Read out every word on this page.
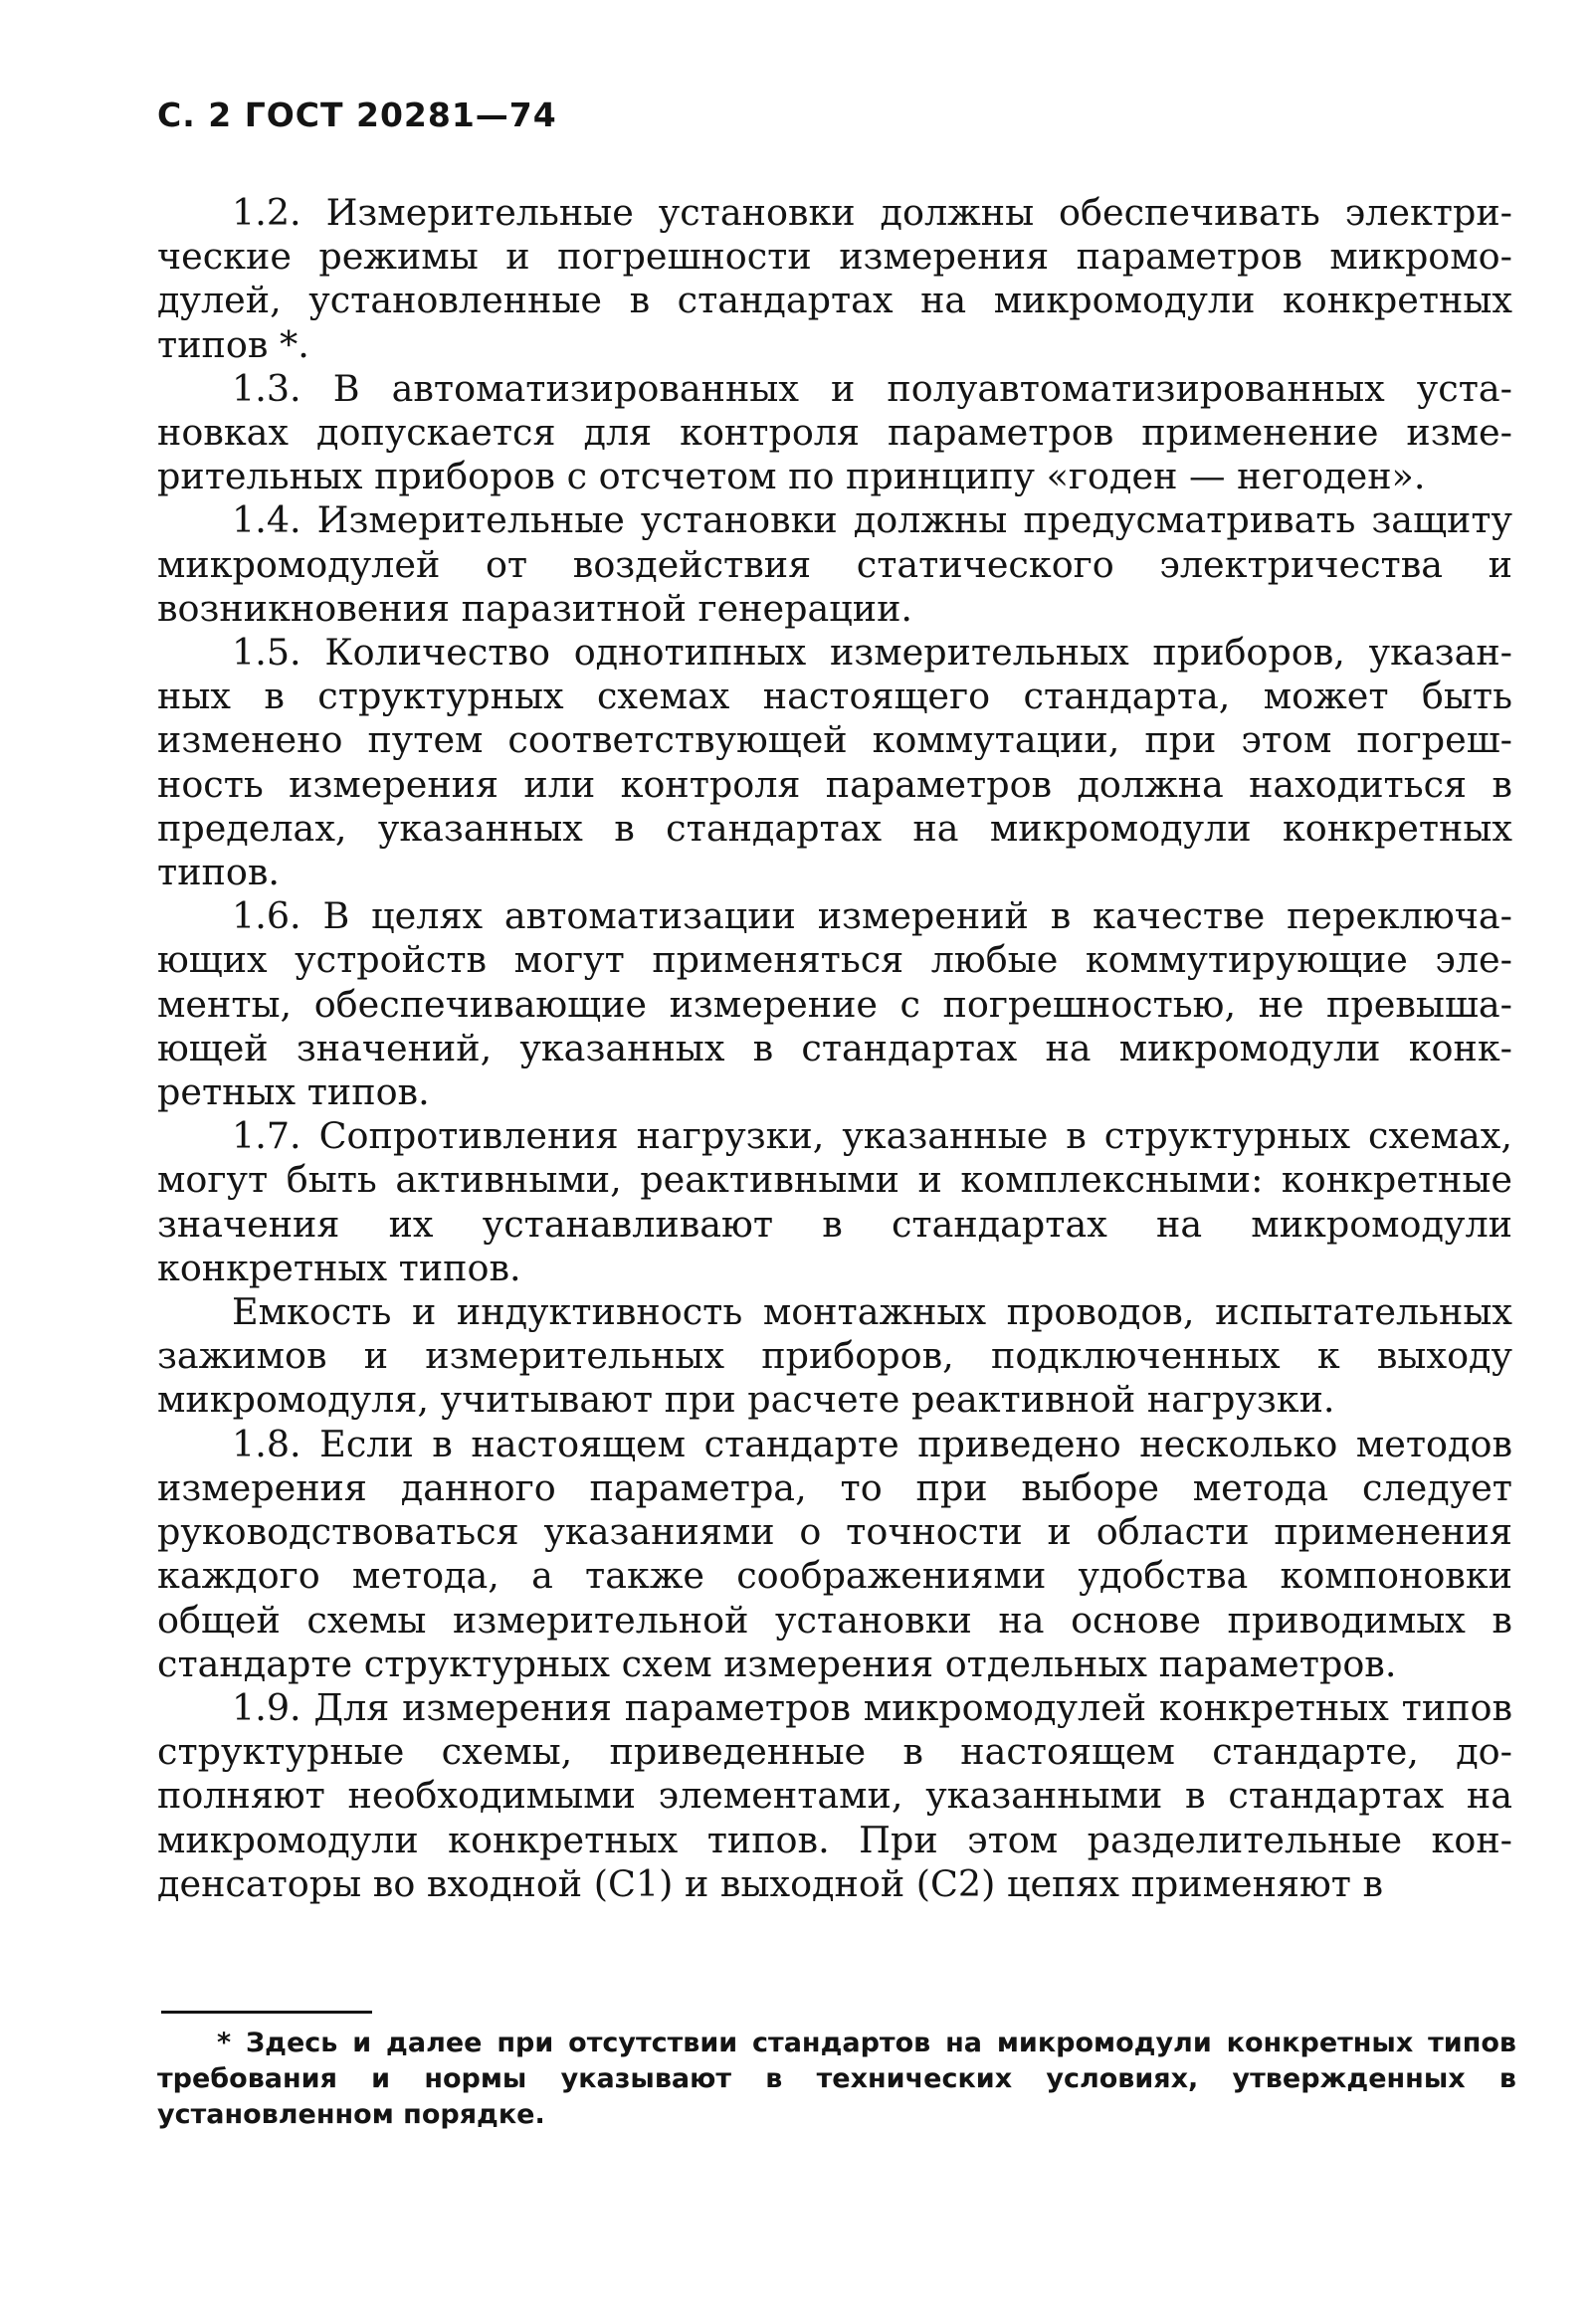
С. 2 ГОСТ 20281—74

1.2. Измерительные установки должны обеспечивать электрические режимы и погрешности измерения параметров микромодулей, установленные в стандартах на микромодули конкретных типов *.

1.3. В автоматизированных и полуавтоматизированных установках допускается для контроля параметров применение измерительных приборов с отсчетом по принципу «годен — негоден».

1.4. Измерительные установки должны предусматривать защиту микромодулей от воздействия статического электричества и возникновения паразитной генерации.

1.5. Количество однотипных измерительных приборов, указанных в структурных схемах настоящего стандарта, может быть изменено путем соответствующей коммутации, при этом погрешность измерения или контроля параметров должна находиться в пределах, указанных в стандартах на микромодули конкретных типов.

1.6. В целях автоматизации измерений в качестве переключающих устройств могут применяться любые коммутирующие элементы, обеспечивающие измерение с погрешностью, не превышающей значений, указанных в стандартах на микромодули конкретных типов.

1.7. Сопротивления нагрузки, указанные в структурных схемах, могут быть активными, реактивными и комплексными: конкретные значения их устанавливают в стандартах на микромодули конкретных типов.

Емкость и индуктивность монтажных проводов, испытательных зажимов и измерительных приборов, подключенных к выходу микромодуля, учитывают при расчете реактивной нагрузки.

1.8. Если в настоящем стандарте приведено несколько методов измерения данного параметра, то при выборе метода следует руководствоваться указаниями о точности и области применения каждого метода, а также соображениями удобства компоновки общей схемы измерительной установки на основе приводимых в стандарте структурных схем измерения отдельных параметров.

1.9. Для измерения параметров микромодулей конкретных типов структурные схемы, приведенные в настоящем стандарте, дополняют необходимыми элементами, указанными в стандартах на микромодули конкретных типов. При этом разделительные конденсаторы во входной (С1) и выходной (С2) цепях применяют в

* Здесь и далее при отсутствии стандартов на микромодули конкретных типов требования и нормы указывают в технических условиях, утвержденных в установленном порядке.
